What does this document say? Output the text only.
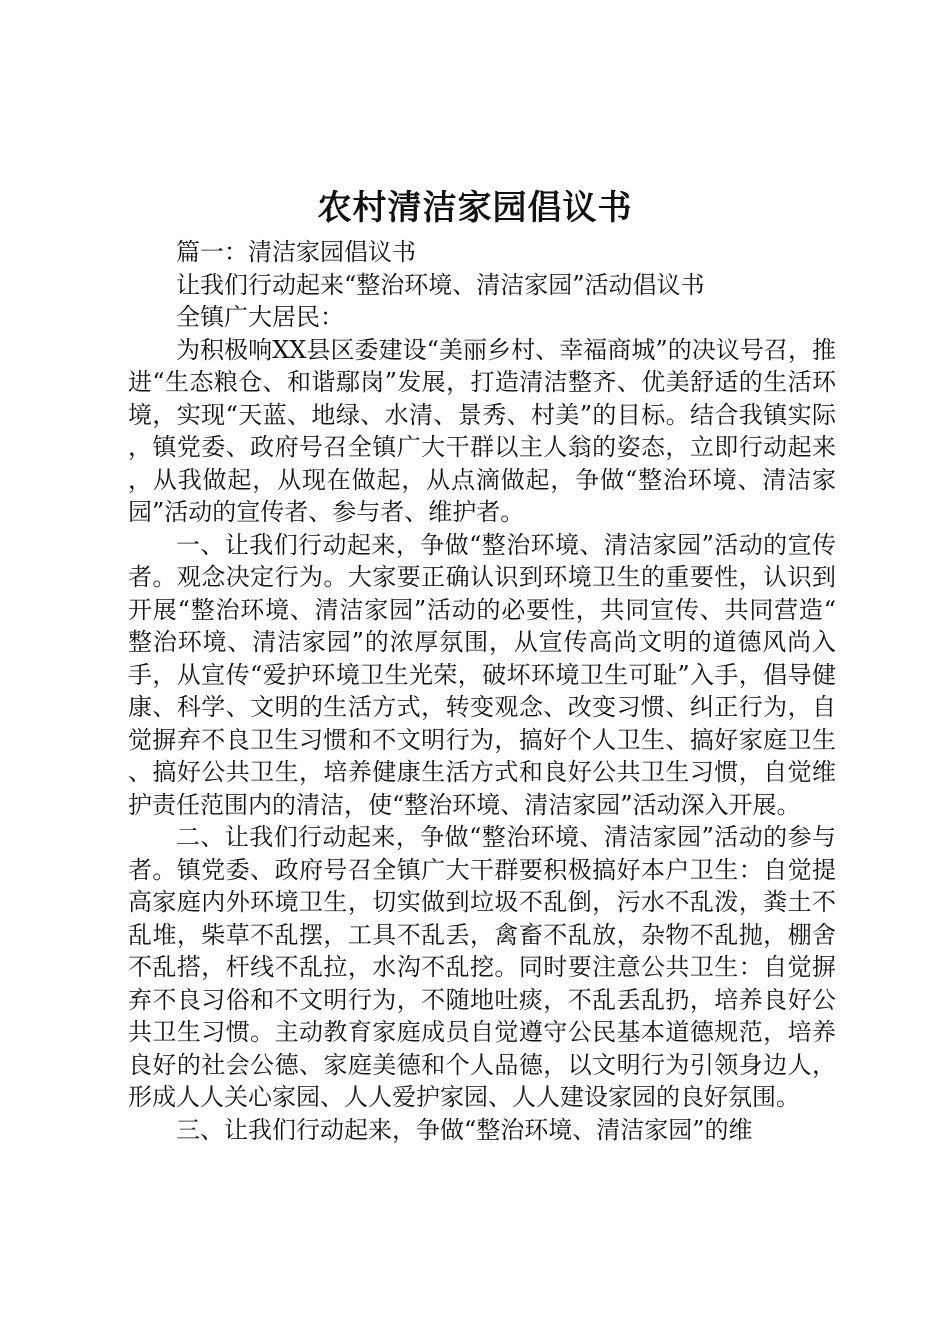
农村清洁家园倡议书

篇一：清洁家园倡议书

让我们行动起来“整治环境、清洁家园”活动倡议书

全镇广大居民：

为积极响XX县区委建设“美丽乡村、幸福商城”的决议号召，推进“生态粮仓、和谐鄢岗”发展，打造清洁整齐、优美舒适的生活环境，实现“天蓝、地绿、水清、景秀、村美”的目标。结合我镇实际，镇党委、政府号召全镇广大干群以主人翁的姿态，立即行动起来，从我做起，从现在做起，从点滴做起，争做“整治环境、清洁家园”活动的宣传者、参与者、维护者。

一、让我们行动起来，争做“整治环境、清洁家园”活动的宣传者。观念决定行为。大家要正确认识到环境卫生的重要性，认识到开展“整治环境、清洁家园”活动的必要性，共同宣传、共同营造“整治环境、清洁家园”的浓厚氛围，从宣传高尚文明的道德风尚入手，从宣传“爱护环境卫生光荣，破坏环境卫生可耻”入手，倡导健康、科学、文明的生活方式，转变观念、改变习惯、纠正行为，自觉摒弃不良卫生习惯和不文明行为，搞好个人卫生、搞好家庭卫生、搞好公共卫生，培养健康生活方式和良好公共卫生习惯，自觉维护责任范围内的清洁，使“整治环境、清洁家园”活动深入开展。

二、让我们行动起来，争做“整治环境、清洁家园”活动的参与者。镇党委、政府号召全镇广大干群要积极搞好本户卫生：自觉提高家庭内外环境卫生，切实做到垃圾不乱倒，污水不乱泼，粪土不乱堆，柴草不乱摆，工具不乱丢，禽畜不乱放，杂物不乱抛，棚舍不乱搭，杆线不乱拉，水沟不乱挖。同时要注意公共卫生：自觉摒弃不良习俗和不文明行为，不随地吐痰，不乱丢乱扔，培养良好公共卫生习惯。主动教育家庭成员自觉遵守公民基本道德规范，培养良好的社会公德、家庭美德和个人品德，以文明行为引领身边人，形成人人关心家园、人人爱护家园、人人建设家园的良好氛围。

三、让我们行动起来，争做“整治环境、清洁家园”的维
